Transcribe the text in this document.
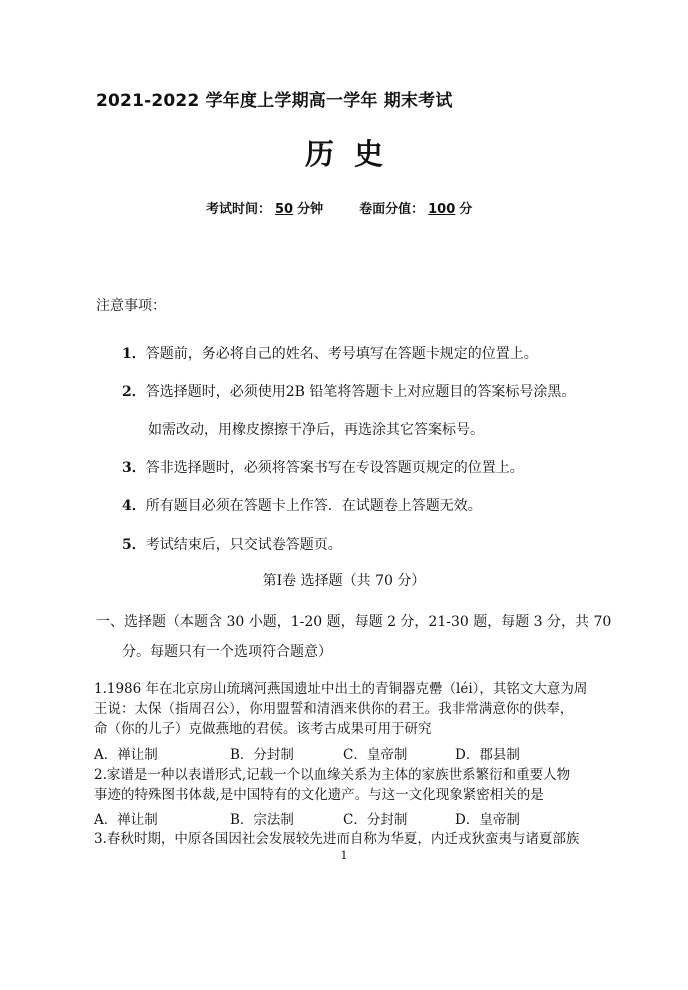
2021-2022 学年度上学期高一学年 期末考试
历史
考试时间： 50 分钟	卷面分值： 100 分
注意事项：
1．答题前，务必将自己的姓名、考号填写在答题卡规定的位置上。
2．答选择题时，必须使用2B 铅笔将答题卡上对应题目的答案标号涂黑。
如需改动，用橡皮擦擦干净后，再选涂其它答案标号。
3．答非选择题时，必须将答案书写在专设答题页规定的位置上。
4．所有题目必须在答题卡上作答．在试题卷上答题无效。
5．考试结束后，只交试卷答题页。
第Ⅰ卷 选择题（共 70 分）
一、选择题（本题含 30 小题，1-20 题，每题 2 分，21-30 题，每题 3 分，共 70
分。每题只有一个选项符合题意）
1.1986 年在北京房山琉璃河燕国遗址中出土的青铜器克罍（léi），其铭文大意为周
王说：太保（指周召公），你用盟誓和清酒来供你的君王。我非常满意你的供奉，
命（你的儿子）克做燕地的君侯。该考古成果可用于研究
A．禅让制	B．分封制	C．皇帝制	D．郡县制
2.家谱是一种以表谱形式,记载一个以血缘关系为主体的家族世系繁衍和重要人物
事迹的特殊图书体裁,是中国特有的文化遗产。与这一文化现象紧密相关的是
A．禅让制	B．宗法制	C．分封制	D．皇帝制
3.春秋时期，中原各国因社会发展较先进而自称为华夏，内迁戎狄蛮夷与诸夏部族
1
